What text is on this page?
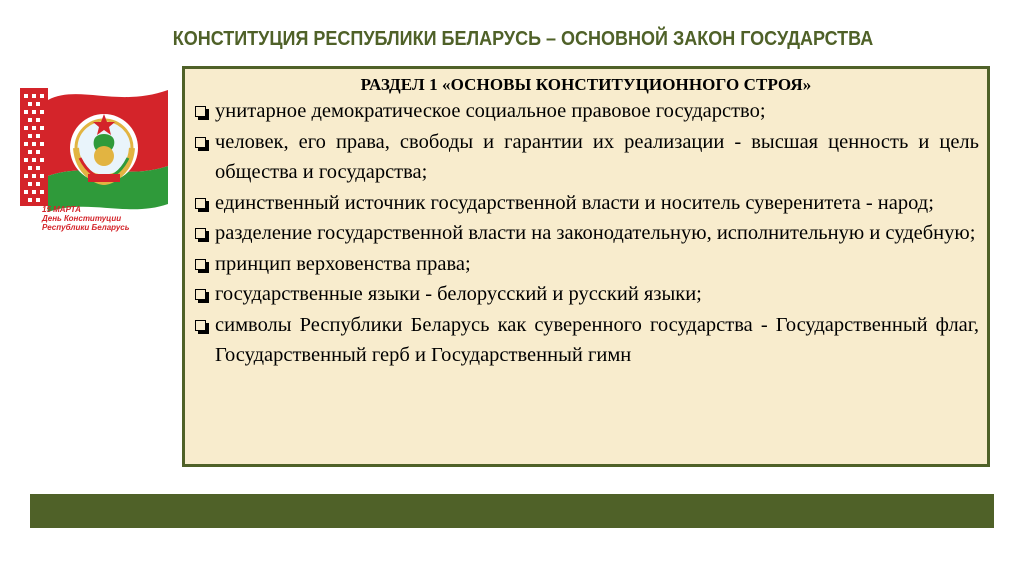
КОНСТИТУЦИЯ РЕСПУБЛИКИ БЕЛАРУСЬ – ОСНОВНОЙ ЗАКОН ГОСУДАРСТВА
15 МАРТА
День Конституции
Республики Беларусь
РАЗДЕЛ 1 «ОСНОВЫ КОНСТИТУЦИОННОГО СТРОЯ»
унитарное демократическое социальное правовое государство;
человек, его права, свободы и гарантии их реализации - высшая ценность и цель общества и государства;
единственный источник государственной власти и носитель суверенитета - народ;
разделение государственной власти на законодательную, исполнительную и судебную;
принцип верховенства права;
государственные языки - белорусский и русский языки;
символы Республики Беларусь как суверенного государства - Государственный флаг, Государственный герб и Государственный гимн
